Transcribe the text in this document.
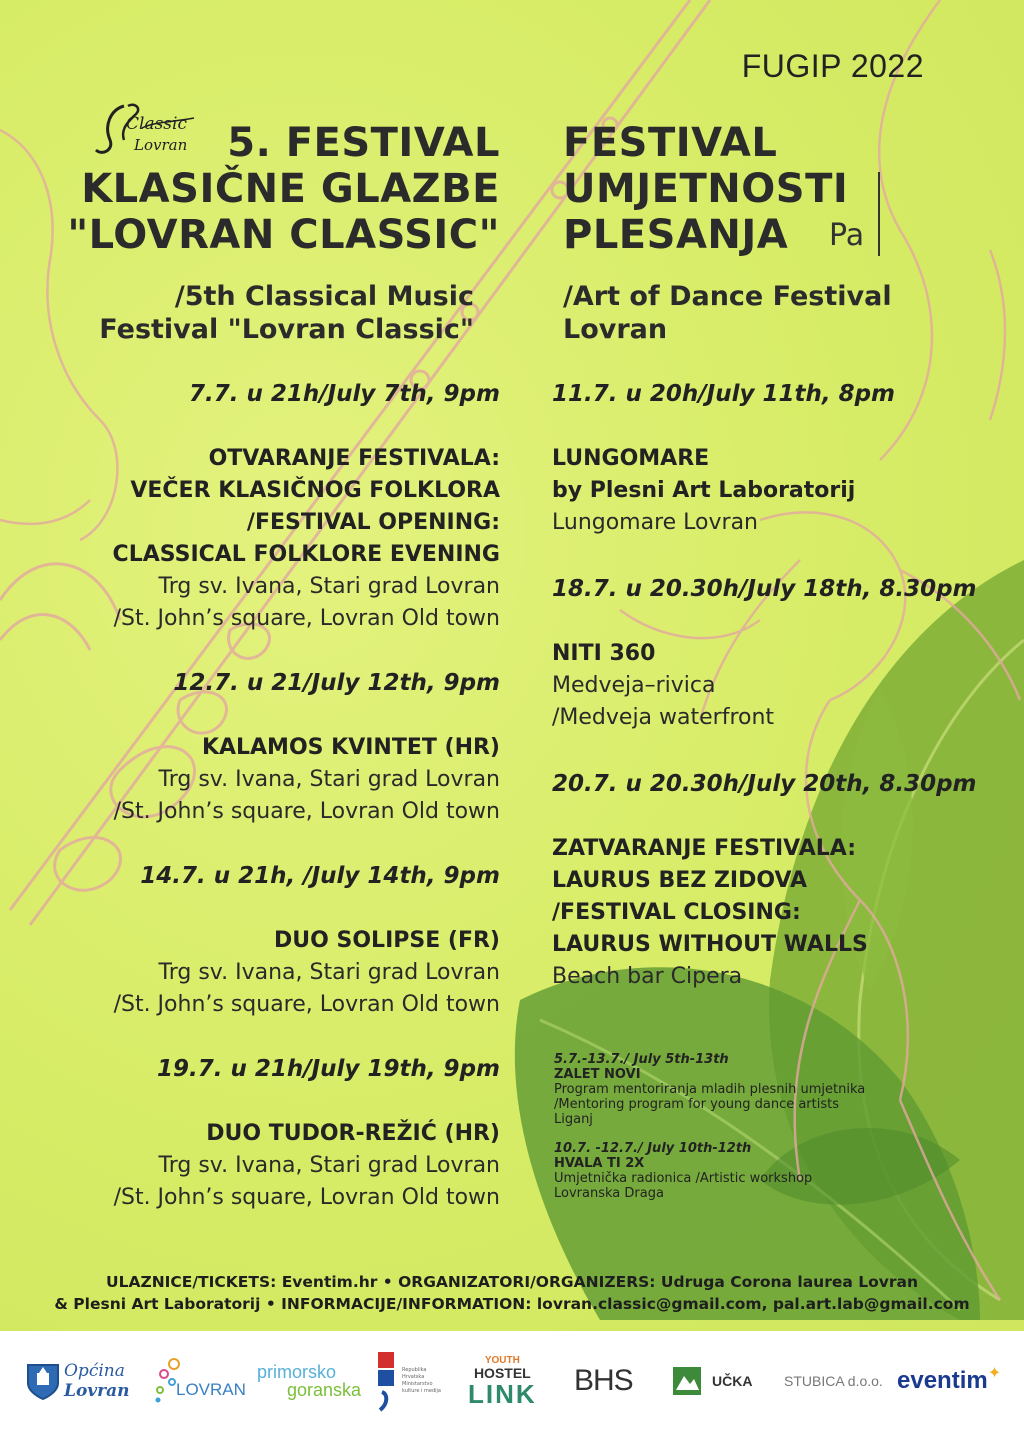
FUGIP 2022
Classic
Lovran 5. FESTIVAL
KLASIČNE GLAZBE
"LOVRAN CLASSIC"
FESTIVAL
UMJETNOSTI
PLESANJA	Pa
/5th Classical Music
Festival "Lovran Classic"
/Art of Dance Festival
Lovran
7.7. u 21h/July 7th, 9pm
OTVARANJE FESTIVALA:
VEČER KLASIČNOG FOLKLORA
/FESTIVAL OPENING:
CLASSICAL FOLKLORE EVENING
Trg sv. Ivana, Stari grad Lovran
/St. John’s square, Lovran Old town
12.7. u 21/July 12th, 9pm
KALAMOS KVINTET (HR)
Trg sv. Ivana, Stari grad Lovran
/St. John’s square, Lovran Old town
14.7. u 21h, /July 14th, 9pm
DUO SOLIPSE (FR)
Trg sv. Ivana, Stari grad Lovran
/St. John’s square, Lovran Old town
19.7. u 21h/July 19th, 9pm
DUO TUDOR-REŽIĆ (HR)
Trg sv. Ivana, Stari grad Lovran
/St. John’s square, Lovran Old town
11.7. u 20h/July 11th, 8pm
LUNGOMARE
by Plesni Art Laboratorij
Lungomare Lovran
18.7. u 20.30h/July 18th, 8.30pm
NITI 360
Medveja–rivica
/Medveja waterfront
20.7. u 20.30h/July 20th, 8.30pm
ZATVARANJE FESTIVALA:
LAURUS BEZ ZIDOVA
/FESTIVAL CLOSING:
LAURUS WITHOUT WALLS
Beach bar Cipera
5.7.-13.7./ July 5th-13th
ZALET NOVI
Program mentoriranja mladih plesnih umjetnika
/Mentoring program for young dance artists
Liganj
10.7. -12.7./ July 10th-12th
HVALA TI 2X
Umjetnička radionica /Artistic workshop
Lovranska Draga
ULAZNICE/TICKETS: Eventim.hr • ORGANIZATORI/ORGANIZERS: Udruga Corona laurea Lovran
& Plesni Art Laboratorij • INFORMACIJE/INFORMATION: lovran.classic@gmail.com, pal.art.lab@gmail.com
Općina
Lovran	LOVRAN
primorsko
goranska
Republika Hrvatska Ministarstvo kulture i medija
YOUTH
HOSTEL
LINK BHS	UČKA STUBICA d.o.o. eventim ✦
